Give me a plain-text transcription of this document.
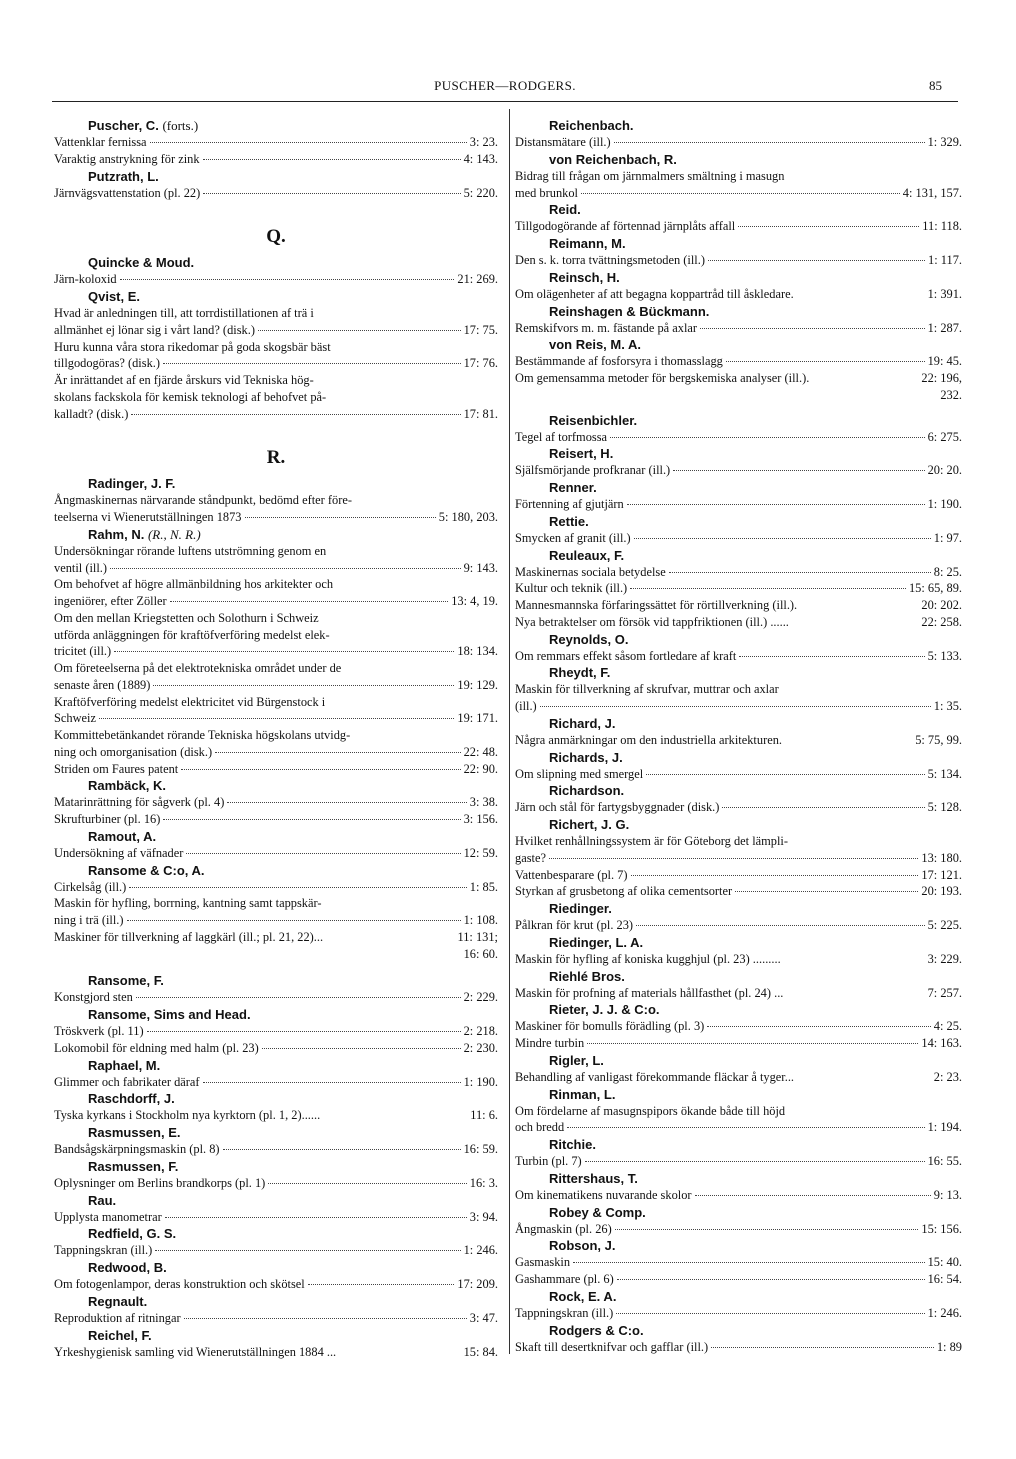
PUSCHER—RODGERS.	85
Puscher, C. (forts.)
Vattenklar fernissa	3: 23.
Varaktig anstrykning för zink	4: 143.
Putzrath, L.
Järnvägsvattenstation (pl. 22)	5: 220.
Q.
Quincke & Moud.
Järn-koloxid	21: 269.
Qvist, E.
Hvad är anledningen till, att torrdistillationen af trä i
allmänhet ej lönar sig i vårt land? (disk.)	17: 75.
Huru kunna våra stora rikedomar på goda skogsbär bäst
tillgodogöras? (disk.)	17: 76.
Är inrättandet af en fjärde årskurs vid Tekniska hög-
skolans fackskola för kemisk teknologi af behofvet på-
kalladt? (disk.)	17: 81.
R.
Radinger, J. F.
Ångmaskinernas närvarande ståndpunkt, bedömd efter före-
teelserna vi Wienerutställningen 1873	5: 180, 203.
Rahm, N. (R., N. R.)
Undersökningar rörande luftens utströmning genom en
ventil (ill.)	9: 143.
Om behofvet af högre allmänbildning hos arkitekter och
ingeniörer, efter Zöller	13: 4, 19.
Om den mellan Kriegstetten och Solothurn i Schweiz
utförda anläggningen för kraftöfverföring medelst elek-
tricitet (ill.)	18: 134.
Om företeelserna på det elektrotekniska området under de
senaste åren (1889)	19: 129.
Kraftöfverföring medelst elektricitet vid Bürgenstock i
Schweiz	19: 171.
Kommittebetänkandet rörande Tekniska högskolans utvidg-
ning och omorganisation (disk.)	22: 48.
Striden om Faures patent	22: 90.
Rambäck, K.
Matarinrättning för sågverk (pl. 4)	3: 38.
Skrufturbiner (pl. 16)	3: 156.
Ramout, A.
Undersökning af väfnader	12: 59.
Ransome & C:o, A.
Cirkelsåg (ill.)	1: 85.
Maskin för hyfling, borrning, kantning samt tappskär-
ning i trä (ill.)	1: 108.
Maskiner för tillverkning af laggkärl (ill.; pl. 21, 22)...	11: 131;
16: 60.
Ransome, F.
Konstgjord sten	2: 229.
Ransome, Sims and Head.
Tröskverk (pl. 11)	2: 218.
Lokomobil för eldning med halm (pl. 23)	2: 230.
Raphael, M.
Glimmer och fabrikater däraf	1: 190.
Raschdorff, J.
Tyska kyrkans i Stockholm nya kyrktorn (pl. 1, 2)......	11: 6.
Rasmussen, E.
Bandsågskärpningsmaskin (pl. 8)	16: 59.
Rasmussen, F.
Oplysninger om Berlins brandkorps (pl. 1)	16: 3.
Rau.
Upplysta manometrar	3: 94.
Redfield, G. S.
Tappningskran (ill.)	1: 246.
Redwood, B.
Om fotogenlampor, deras konstruktion och skötsel	17: 209.
Regnault.
Reproduktion af ritningar	3: 47.
Reichel, F.
Yrkeshygienisk samling vid Wienerutställningen 1884 ...	15: 84.
Reichenbach.
Distansmätare (ill.)	1: 329.
von Reichenbach, R.
Bidrag till frågan om järnmalmers smältning i masugn
med brunkol	4: 131, 157.
Reid.
Tillgodogörande af förtennad järnplåts affall	11: 118.
Reimann, M.
Den s. k. torra tvättningsmetoden (ill.)	1: 117.
Reinsch, H.
Om olägenheter af att begagna koppartråd till åskledare.	1: 391.
Reinshagen & Bückmann.
Remskifvors m. m. fästande på axlar	1: 287.
von Reis, M. A.
Bestämmande af fosforsyra i thomasslagg	19: 45.
Om gemensamma metoder för bergskemiska analyser (ill.).	22: 196,
232.
Reisenbichler.
Tegel af torfmossa	6: 275.
Reisert, H.
Själfsmörjande profkranar (ill.)	20: 20.
Renner.
Förtenning af gjutjärn	1: 190.
Rettie.
Smycken af granit (ill.)	1: 97.
Reuleaux, F.
Maskinernas sociala betydelse	8: 25.
Kultur och teknik (ill.)	15: 65, 89.
Mannesmannska förfaringssättet för rörtillverkning (ill.).	20: 202.
Nya betraktelser om försök vid tappfriktionen (ill.) ......	22: 258.
Reynolds, O.
Om remmars effekt såsom fortledare af kraft	5: 133.
Rheydt, F.
Maskin för tillverkning af skrufvar, muttrar och axlar
(ill.)	1: 35.
Richard, J.
Några anmärkningar om den industriella arkitekturen.	5: 75, 99.
Richards, J.
Om slipning med smergel	5: 134.
Richardson.
Järn och stål för fartygsbyggnader (disk.)	5: 128.
Richert, J. G.
Hvilket renhållningssystem är för Göteborg det lämpli-
gaste?	13: 180.
Vattenbesparare (pl. 7)	17: 121.
Styrkan af grusbetong af olika cementsorter	20: 193.
Riedinger.
Pålkran för krut (pl. 23)	5: 225.
Riedinger, L. A.
Maskin för hyfling af koniska kugghjul (pl. 23) .........	3: 229.
Riehlé Bros.
Maskin för profning af materials hållfasthet (pl. 24) ...	7: 257.
Rieter, J. J. & C:o.
Maskiner för bomulls förädling (pl. 3)	4: 25.
Mindre turbin	14: 163.
Rigler, L.
Behandling af vanligast förekommande fläckar å tyger...	2: 23.
Rinman, L.
Om fördelarne af masugnspipors ökande både till höjd
och bredd	1: 194.
Ritchie.
Turbin (pl. 7)	16: 55.
Rittershaus, T.
Om kinematikens nuvarande skolor	9: 13.
Robey & Comp.
Ångmaskin (pl. 26)	15: 156.
Robson, J.
Gasmaskin	15: 40.
Gashammare (pl. 6)	16: 54.
Rock, E. A.
Tappningskran (ill.)	1: 246.
Rodgers & C:o.
Skaft till desertknifvar och gafflar (ill.)	1: 89
